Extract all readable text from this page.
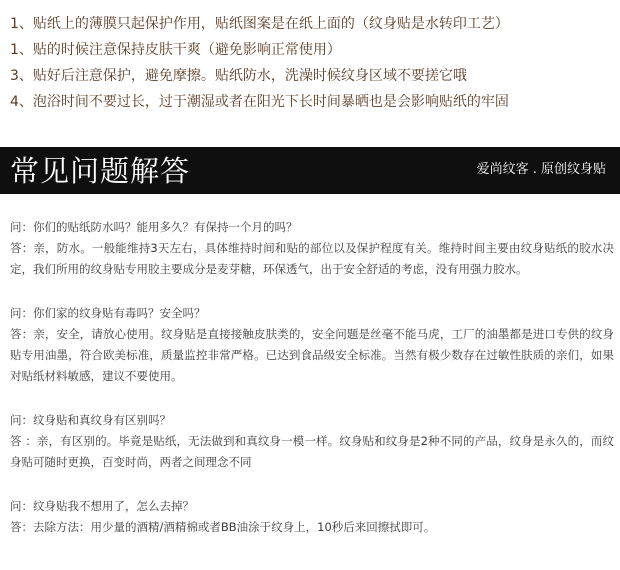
1、贴纸上的薄膜只起保护作用，贴纸图案是在纸上面的（纹身贴是水转印工艺）
1、贴的时候注意保持皮肤干爽（避免影响正常使用）
3、贴好后注意保护，避免摩擦。贴纸防水，洗澡时候纹身区域不要搓它哦
4、泡浴时间不要过长，过于潮湿或者在阳光下长时间暴晒也是会影响贴纸的牢固
常见问题解答	爱尚纹客 . 原创纹身贴
问：你们的贴纸防水吗？能用多久？有保持一个月的吗？
答：亲，防水。一般能维持3天左右，具体维持时间和贴的部位以及保护程度有关。维持时间主要由纹身贴纸的胶水决定，我们所用的纹身贴专用胶主要成分是麦芽糖，环保透气，出于安全舒适的考虑，没有用强力胶水。
问：你们家的纹身贴有毒吗？安全吗？
答：亲，安全，请放心使用。纹身贴是直接接触皮肤类的，安全问题是丝毫不能马虎，工厂的油墨都是进口专供的纹身贴专用油墨，符合欧美标准，质量监控非常严格。已达到食品级安全标准。当然有极少数存在过敏性肤质的亲们，如果对贴纸材料敏感，建议不要使用。
问：纹身贴和真纹身有区别吗？
答 ：亲，有区别的。毕竟是贴纸，无法做到和真纹身一模一样。纹身贴和纹身是2种不同的产品，纹身是永久的，而纹身贴可随时更换，百变时尚，两者之间理念不同
问：纹身贴我不想用了，怎么去掉？
答：去除方法：用少量的酒精/酒精棉或者BB油涂于纹身上，10秒后来回擦拭即可。
